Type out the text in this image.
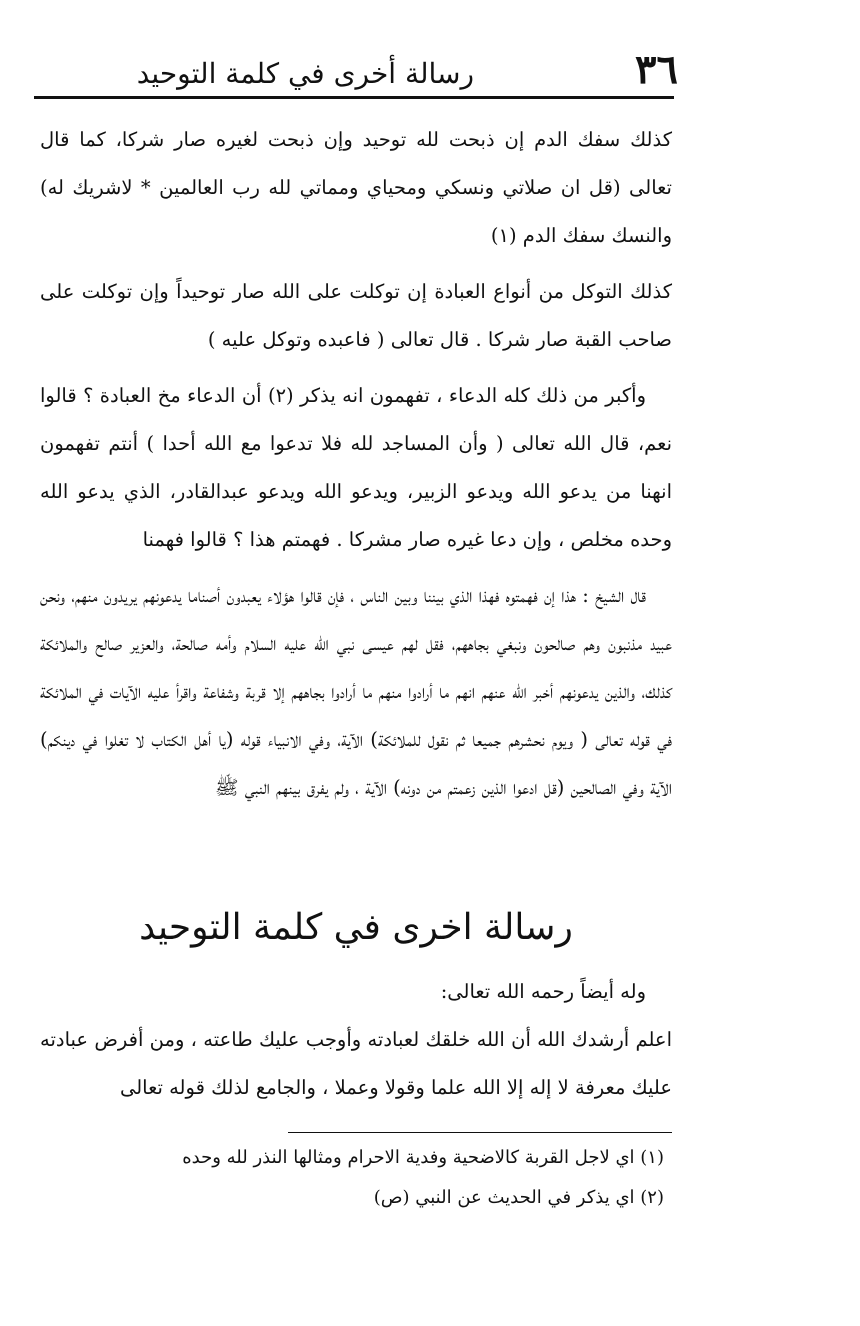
٣٦
رسالة أخرى في كلمة التوحيد

كذلك سفك الدم إن ذبحت لله توحيد وإن ذبحت لغيره صار شركا، كما قال تعالى (قل ان صلاتي ونسكي ومحياي ومماتي لله رب العالمين * لاشريك له) والنسك سفك الدم (١)

كذلك التوكل من أنواع العبادة إن توكلت على الله صار توحيداً وإن توكلت على صاحب القبة صار شركا . قال تعالى ( فاعبده وتوكل عليه )

وأكبر من ذلك كله الدعاء ، تفهمون انه يذكر (٢) أن الدعاء مخ العبادة ؟ قالوا نعم، قال الله تعالى ( وأن المساجد لله فلا تدعوا مع الله أحدا ) أنتم تفهمون انهنا من يدعو الله ويدعو الزبير، ويدعو الله ويدعو عبدالقادر، الذي يدعو الله وحده مخلص ، وإن دعا غيره صار مشركا . فهمتم هذا ؟ قالوا فهمنا

قال الشيخ : هذا إن فهمتوه فهذا الذي بيننا وبين الناس ، فإن قالوا هؤلاء يعبدون أصناما يدعونهم يريدون منهم، ونحن عبيد مذنبون وهم صالحون ونبغي بجاههم، فقل لهم عيسى نبي الله عليه السلام وأمه صالحة، والعزير صالح والملائكة كذلك، والذين يدعونهم أخبر الله عنهم انهم ما أرادوا منهم ما أرادوا بجاههم إلا قربة وشفاعة واقرأ عليه الآيات في الملائكة في قوله تعالى ( ويوم نحشرهم جميعا ثم نقول للملائكة) الآية، وفي الانبياء قوله (يا أهل الكتاب لا تغلوا في دينكم) الآية وفي الصالحين (قل ادعوا الذين زعمتم من دونه) الآية ، ولم يفرق بينهم النبي ﷺ

رسالة اخرى في كلمة التوحيد

وله أيضاً رحمه الله تعالى:

اعلم أرشدك الله أن الله خلقك لعبادته وأوجب عليك طاعته ، ومن أفرض عبادته عليك معرفة لا إله إلا الله علما وقولا وعملا ، والجامع لذلك قوله تعالى

(١) اي لاجل القربة كالاضحية وفدية الاحرام ومثالها النذر لله وحده

(٢) اي يذكر في الحديث عن النبي (ص)
